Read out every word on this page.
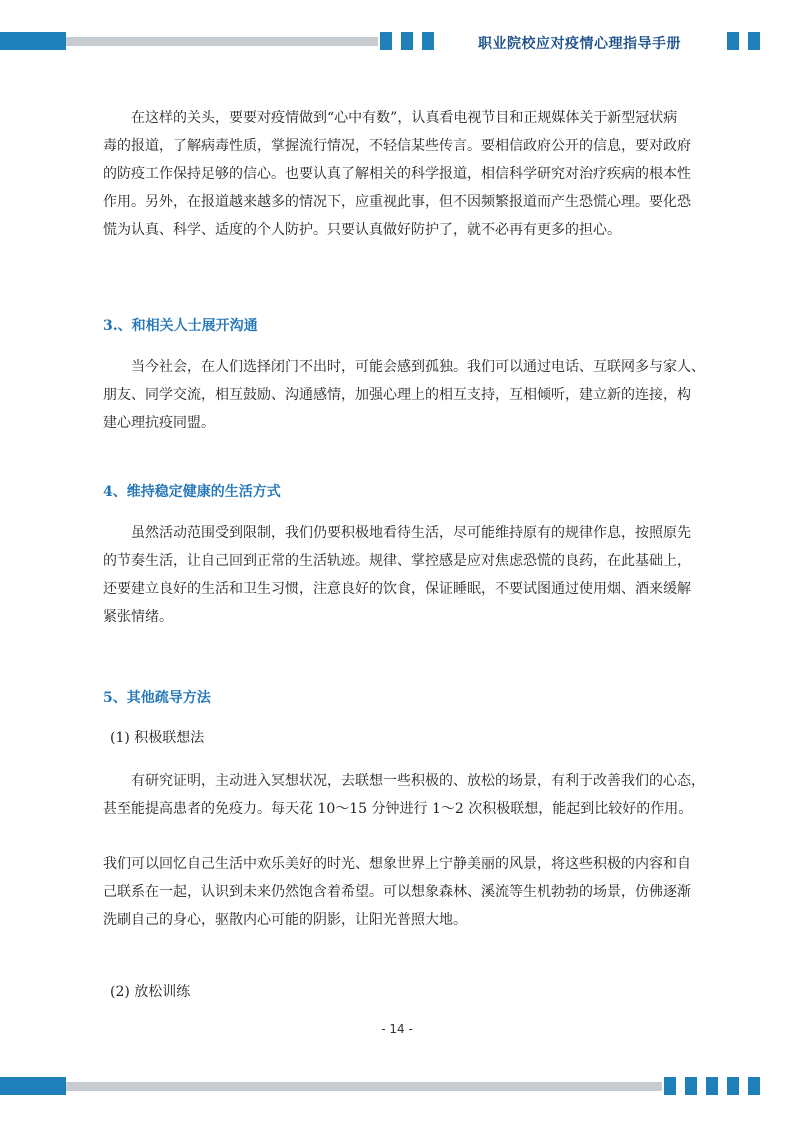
职业院校应对疫情心理指导手册

在这样的关头，要要对疫情做到“心中有数”，认真看电视节目和正规媒体关于新型冠状病
毒的报道，了解病毒性质，掌握流行情况，不轻信某些传言。要相信政府公开的信息，要对政府
的防疫工作保持足够的信心。也要认真了解相关的科学报道，相信科学研究对治疗疾病的根本性
作用。另外，在报道越来越多的情况下，应重视此事，但不因频繁报道而产生恐慌心理。要化恐
慌为认真、科学、适度的个人防护。只要认真做好防护了，就不必再有更多的担心。

3.、和相关人士展开沟通

当今社会，在人们选择闭门不出时，可能会感到孤独。我们可以通过电话、互联网多与家人、
朋友、同学交流，相互鼓励、沟通感情，加强心理上的相互支持，互相倾听，建立新的连接，构
建心理抗疫同盟。

4、维持稳定健康的生活方式

虽然活动范围受到限制，我们仍要积极地看待生活，尽可能维持原有的规律作息，按照原先
的节奏生活，让自己回到正常的生活轨迹。规律、掌控感是应对焦虑恐慌的良药，在此基础上，
还要建立良好的生活和卫生习惯，注意良好的饮食，保证睡眠，不要试图通过使用烟、酒来缓解
紧张情绪。

5、其他疏导方法
(1) 积极联想法

有研究证明，主动进入冥想状况，去联想一些积极的、放松的场景，有利于改善我们的心态，
甚至能提高患者的免疫力。每天花 10～15 分钟进行 1～2 次积极联想，能起到比较好的作用。

我们可以回忆自己生活中欢乐美好的时光、想象世界上宁静美丽的风景，将这些积极的内容和自
己联系在一起，认识到未来仍然饱含着希望。可以想象森林、溪流等生机勃勃的场景，仿佛逐渐
洗刷自己的身心，驱散内心可能的阴影，让阳光普照大地。

(2) 放松训练
- 14 -
